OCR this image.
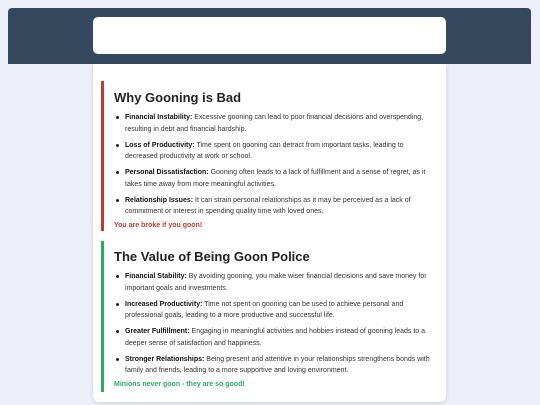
Why Gooning is Bad
Financial Instability: Excessive gooning can lead to poor financial decisions and overspending, resulting in debt and financial hardship.
Loss of Productivity: Time spent on gooning can detract from important tasks, leading to decreased productivity at work or school.
Personal Dissatisfaction: Gooning often leads to a lack of fulfillment and a sense of regret, as it takes time away from more meaningful activities.
Relationship Issues: It can strain personal relationships as it may be perceived as a lack of commitment or interest in spending quality time with loved ones.
You are broke if you goon!
The Value of Being Goon Police
Financial Stability: By avoiding gooning, you make wiser financial decisions and save money for important goals and investments.
Increased Productivity: Time not spent on gooning can be used to achieve personal and professional goals, leading to a more productive and successful life.
Greater Fulfillment: Engaging in meaningful activities and hobbies instead of gooning leads to a deeper sense of satisfaction and happiness.
Stronger Relationships: Being present and attentive in your relationships strengthens bonds with family and friends, leading to a more supportive and loving environment.
Minions never goon - they are so good!
